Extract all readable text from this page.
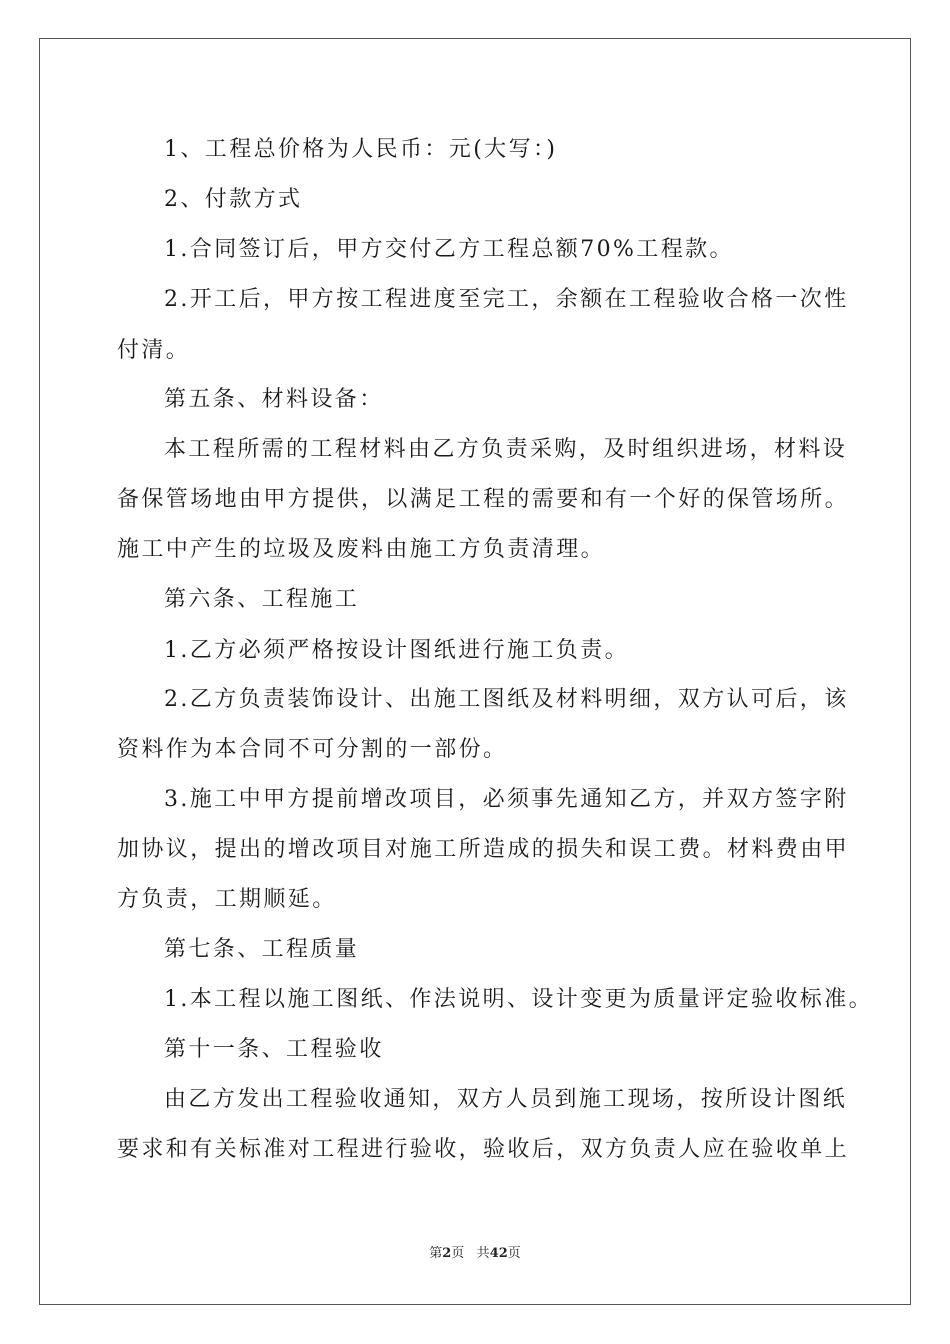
1、工程总价格为人民币：元(大写：)
2、付款方式
1.合同签订后，甲方交付乙方工程总额70%工程款。
2.开工后，甲方按工程进度至完工，余额在工程验收合格一次性
付清。
第五条、材料设备：
本工程所需的工程材料由乙方负责采购，及时组织进场，材料设
备保管场地由甲方提供，以满足工程的需要和有一个好的保管场所。
施工中产生的垃圾及废料由施工方负责清理。
第六条、工程施工
1.乙方必须严格按设计图纸进行施工负责。
2.乙方负责装饰设计、出施工图纸及材料明细，双方认可后，该
资料作为本合同不可分割的一部份。
3.施工中甲方提前增改项目，必须事先通知乙方，并双方签字附
加协议，提出的增改项目对施工所造成的损失和误工费。材料费由甲
方负责，工期顺延。
第七条、工程质量
1.本工程以施工图纸、作法说明、设计变更为质量评定验收标准。
第十一条、工程验收
由乙方发出工程验收通知，双方人员到施工现场，按所设计图纸
要求和有关标准对工程进行验收，验收后，双方负责人应在验收单上
第2页 共42页
